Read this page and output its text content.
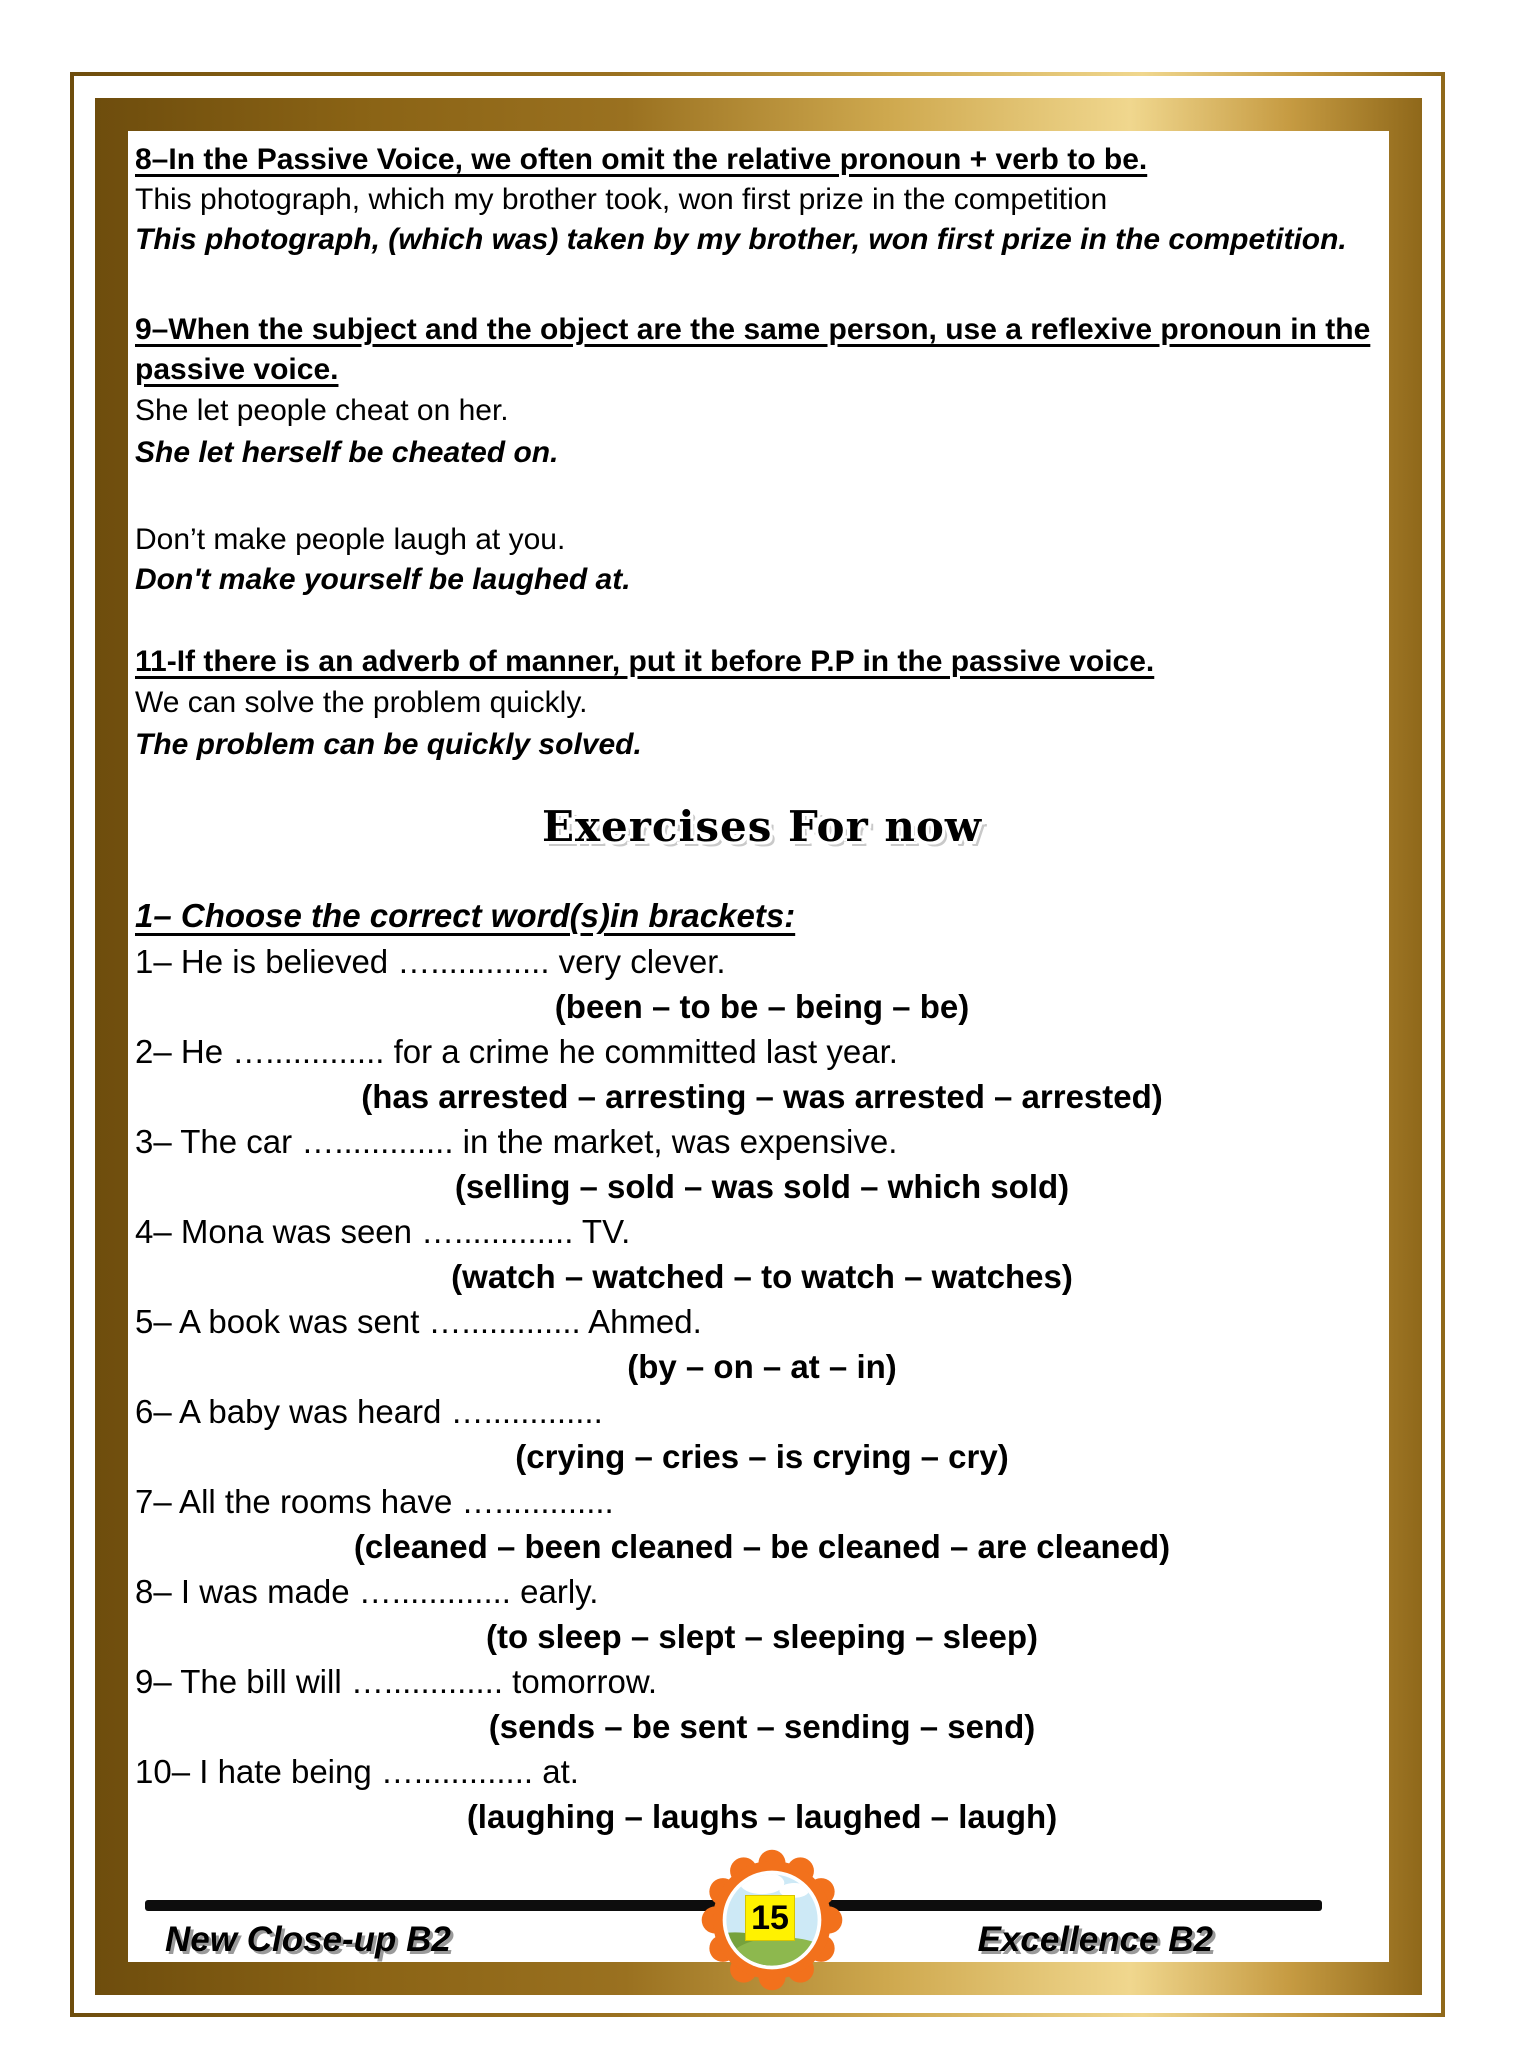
8–In the Passive Voice, we often omit the relative pronoun + verb to be.

This photograph, which my brother took, won first prize in the competition

This photograph, (which was) taken by my brother, won first prize in the competition.

9–When the subject and the object are the same person, use a reflexive pronoun in the passive voice.

She let people cheat on her.

She let herself be cheated on.

Don’t make people laugh at you.

Don't make yourself be laughed at.

11-If there is an adverb of manner, put it before P.P in the passive voice.

We can solve the problem quickly.

The problem can be quickly solved.

Exercises For now

1– Choose the correct word(s)in brackets:

1– He is believed …............. very clever.

(been – to be – being – be)

2– He …............. for a crime he committed last year.

(has arrested – arresting – was arrested – arrested)

3– The car …............. in the market, was expensive.

(selling – sold – was sold – which sold)

4– Mona was seen …............. TV.

(watch – watched – to watch – watches)

5– A book was sent …............. Ahmed.

(by – on – at – in)

6– A baby was heard ….............

(crying – cries – is crying – cry)

7– All the rooms have ….............

(cleaned – been cleaned – be cleaned – are cleaned)

8– I was made …............. early.

(to sleep – slept – sleeping – sleep)

9– The bill will …............. tomorrow.

(sends – be sent – sending – send)

10– I hate being …............. at.

(laughing – laughs – laughed – laugh)

New Close-up B2	Excellence B2
15
